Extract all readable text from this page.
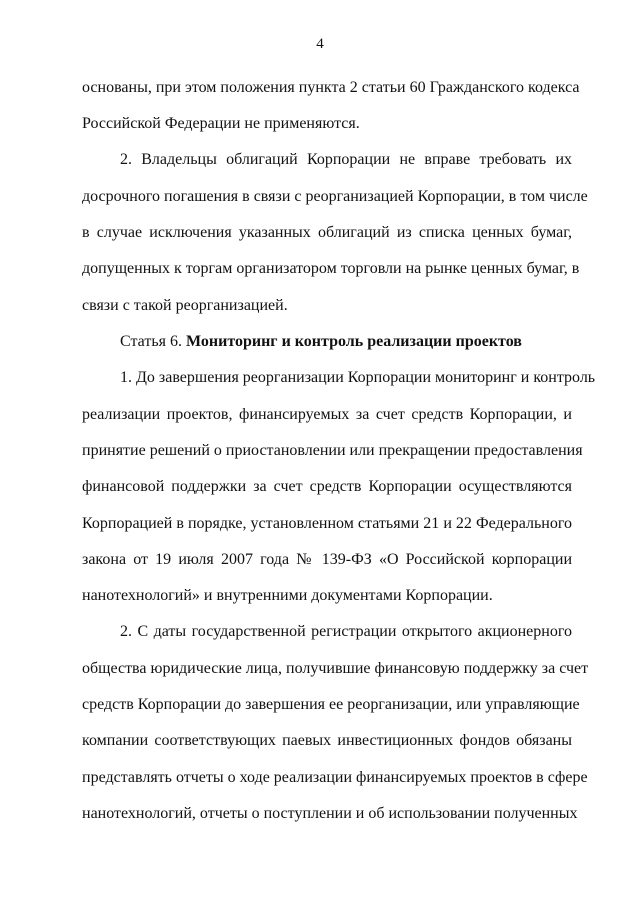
4
основаны, при этом положения пункта 2 статьи 60 Гражданского кодекса
Российской Федерации не применяются.
2. Владельцы облигаций Корпорации не вправе требовать их
досрочного погашения в связи с реорганизацией Корпорации, в том числе
в случае исключения указанных облигаций из списка ценных бумаг,
допущенных к торгам организатором торговли на рынке ценных бумаг, в
связи с такой реорганизацией.
Статья 6. Мониторинг и контроль реализации проектов
1. До завершения реорганизации Корпорации мониторинг и контроль
реализации проектов, финансируемых за счет средств Корпорации, и
принятие решений о приостановлении или прекращении предоставления
финансовой поддержки за счет средств Корпорации осуществляются
Корпорацией в порядке, установленном статьями 21 и 22 Федерального
закона от 19 июля 2007 года № 139-ФЗ «О Российской корпорации
нанотехнологий» и внутренними документами Корпорации.
2. С даты государственной регистрации открытого акционерного
общества юридические лица, получившие финансовую поддержку за счет
средств Корпорации до завершения ее реорганизации, или управляющие
компании соответствующих паевых инвестиционных фондов обязаны
представлять отчеты о ходе реализации финансируемых проектов в сфере
нанотехнологий, отчеты о поступлении и об использовании полученных
